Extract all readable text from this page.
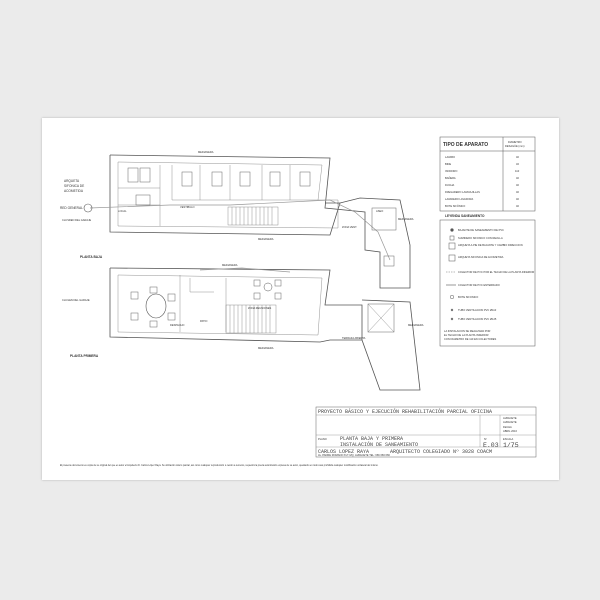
TIPO DE APARATO	DIAMETRO
DESAGÜE (mm)
LAVABO	40
BIDE	32
INODORO	110
BAÑERA	40
DUCHA	40
FREGADERO LAVAVAJILLAS	40
LAVADERO LAVADORA	40
BOTE SIFÓNICO	40
LEYENDA SANEAMIENTO
BAJANTE DE SANEAMIENTO DE PVC
SUMIDERO SIFONICO CON REJILLA
ARQUETA A PIE DE BAJANTE Y CAMBIO DIRECCION
ARQUETA SIFONICA DE ACOMETIDA
COLECTOR DE PVC POR EL TECHO DE LA PLANTA INFERIOR
COLECTOR DE PVC ENTERRADO
BOTE SIFONICO
TUBO VENTILACION PVC Ø110
TUBO VENTILACION PVC Ø125
LA INSTALACION SE REALIZARA POR
EL TECHO DE LA PLANTA INFERIOR
CON DIAMETRO DE 110 EN COLECTORES
ARQUETA
SIFONICA DE
ACOMETIDA
RED GENERAL
CH.ISDEN DEL GARAJE
PLANTA BAJA
MEDIANERA
MEDIANERA
MEDIANERA
ZONA VENT.
ASEO
VESTIBULO
LOCAL
CH.IGEN DEL GARAJE
PLANTA PRIMERA
MEDIANERA
MEDIANERA
MEDIANERA
DESPACHO
ZONA REUNIONES
PATIO
TERRAZA ABIERTA
PROYECTO BÁSICO Y EJECUCIÓN REHABILITACIÓN PARCIAL OFICINA
ALBACETE
ALBACETE
FECHA
ABRIL 2016
PLANO	PLANTA BAJA Y PRIMERA
INSTALACIÓN DE SANEAMIENTO
Nº
E.03
ESCALA
1/75
CARLOS LOPEZ RAYA	ARQUITECTO COLEGIADO Nº 3028 COACM
Av. PADRE ROMANO 8 2º IZQ. ALBACETE TEL: 666 666 666
El presente documento es copia de su original del que es autor el Arquitecto D. Carlos López Raya. Su utilización total o parcial, así como cualquier reproducción o cesión a terceros, requerirá la previa autorización expresa de su autor, quedando en todo caso prohibida cualquier modificación unilateral del mismo.
